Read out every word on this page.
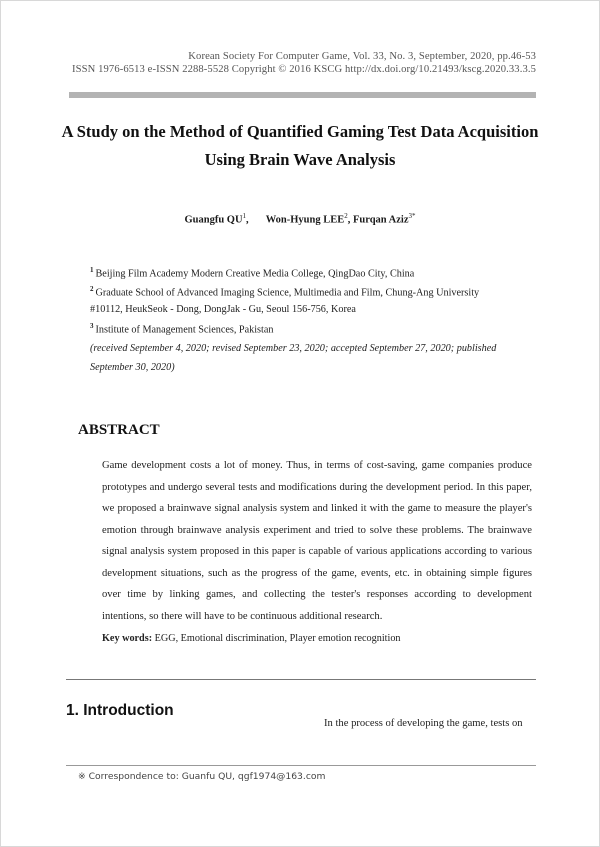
Korean Society For Computer Game, Vol. 33, No. 3, September, 2020, pp.46-53
ISSN 1976-6513 e-ISSN 2288-5528 Copyright © 2016 KSCG http://dx.doi.org/10.21493/kscg.2020.33.3.5
A Study on the Method of Quantified Gaming Test Data Acquisition
Using Brain Wave Analysis
Guangfu $QU^1$, Won-Hyung LEE$^2$, Furqan Aziz$^{3*}$
$^1$ Beijing Film Academy Modern Creative Media College, QingDao City, China
$^2$ Graduate School of Advanced Imaging Science, Multimedia and Film, Chung-Ang University
#10112, HeukSeok - Dong, DongJak - Gu, Seoul 156-756, Korea
$^3$ Institute of Management Sciences, Pakistan
(received September 4, 2020; revised September 23, 2020; accepted September 27, 2020; published September 30, 2020)
ABSTRACT
Game development costs a lot of money. Thus, in terms of cost-saving, game companies produce prototypes and undergo several tests and modifications during the development period. In this paper, we proposed a brainwave signal analysis system and linked it with the game to measure the player's emotion through brainwave analysis experiment and tried to solve these problems. The brainwave signal analysis system proposed in this paper is capable of various applications according to various development situations, such as the progress of the game, events, etc. in obtaining simple figures over time by linking games, and collecting the tester's responses according to development intentions, so there will have to be continuous additional research.
Key words: EGG, Emotional discrimination, Player emotion recognition
1. Introduction
In the process of developing the game, tests on
※ Correspondence to: Guanfu QU, qgf1974@163.com
